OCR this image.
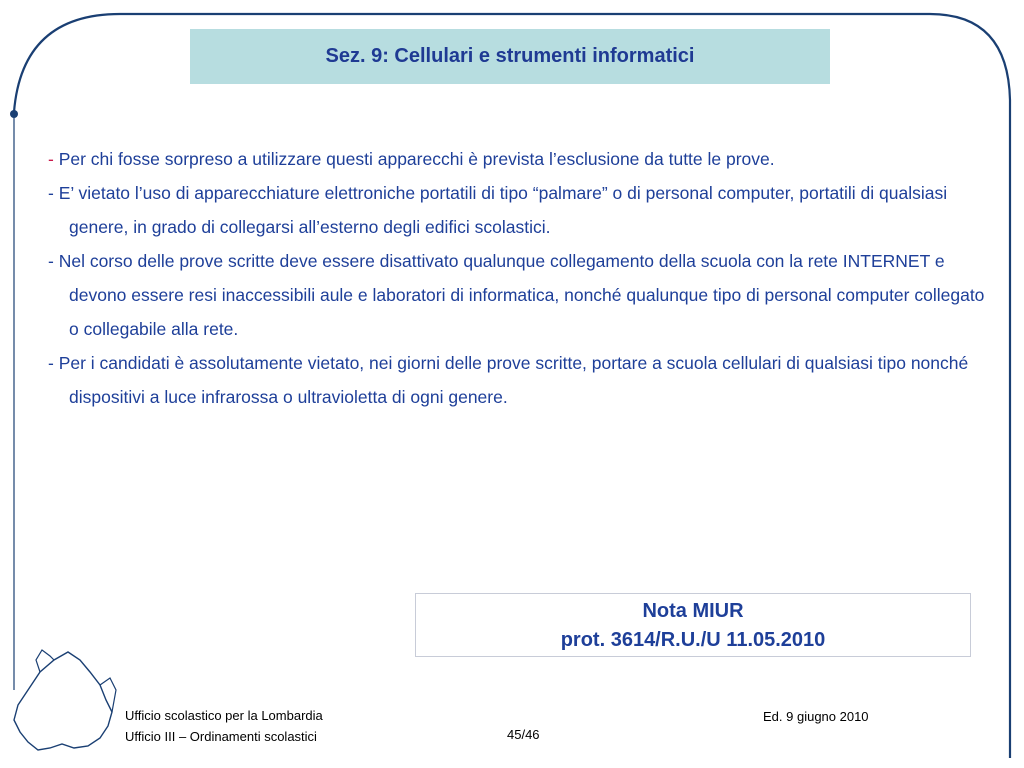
Sez. 9: Cellulari e strumenti informatici
- Per chi fosse sorpreso a utilizzare questi apparecchi è prevista l’esclusione da tutte le prove.
- E’ vietato l’uso di apparecchiature elettroniche portatili di tipo “palmare” o di personal computer, portatili di qualsiasi genere, in grado di collegarsi all’esterno degli edifici scolastici.
- Nel corso delle prove scritte deve essere disattivato qualunque collegamento della scuola con la rete INTERNET e devono essere resi inaccessibili aule e laboratori di informatica, nonché qualunque tipo di personal computer collegato o collegabile alla rete.
- Per i candidati è assolutamente vietato, nei giorni delle prove scritte, portare a scuola cellulari di qualsiasi tipo nonché dispositivi a luce infrarossa o ultravioletta di ogni genere.
Nota MIUR
prot. 3614/R.U./U 11.05.2010
Ufficio scolastico per la Lombardia
Ufficio III – Ordinamenti scolastici	45/46
Ed. 9 giugno 2010
